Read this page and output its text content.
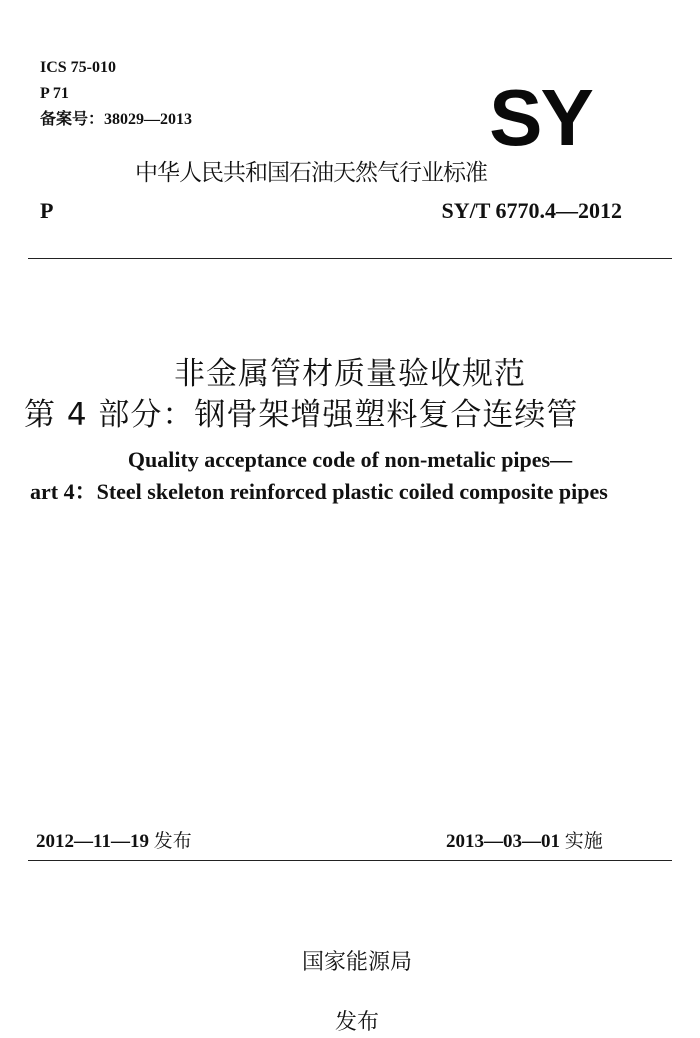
ICS 75-010
P 71
备案号：38029—2013	SY
中华人民共和国石油天然气行业标准
P	SY/T 6770.4—2012
非金属管材质量验收规范
第 4 部分：钢骨架增强塑料复合连续管
Quality acceptance code of non-metalic pipes—
art 4：Steel skeleton reinforced plastic coiled composite pipes
2012—11—19 发布	2013—03—01 实施

国家能源局

发布
